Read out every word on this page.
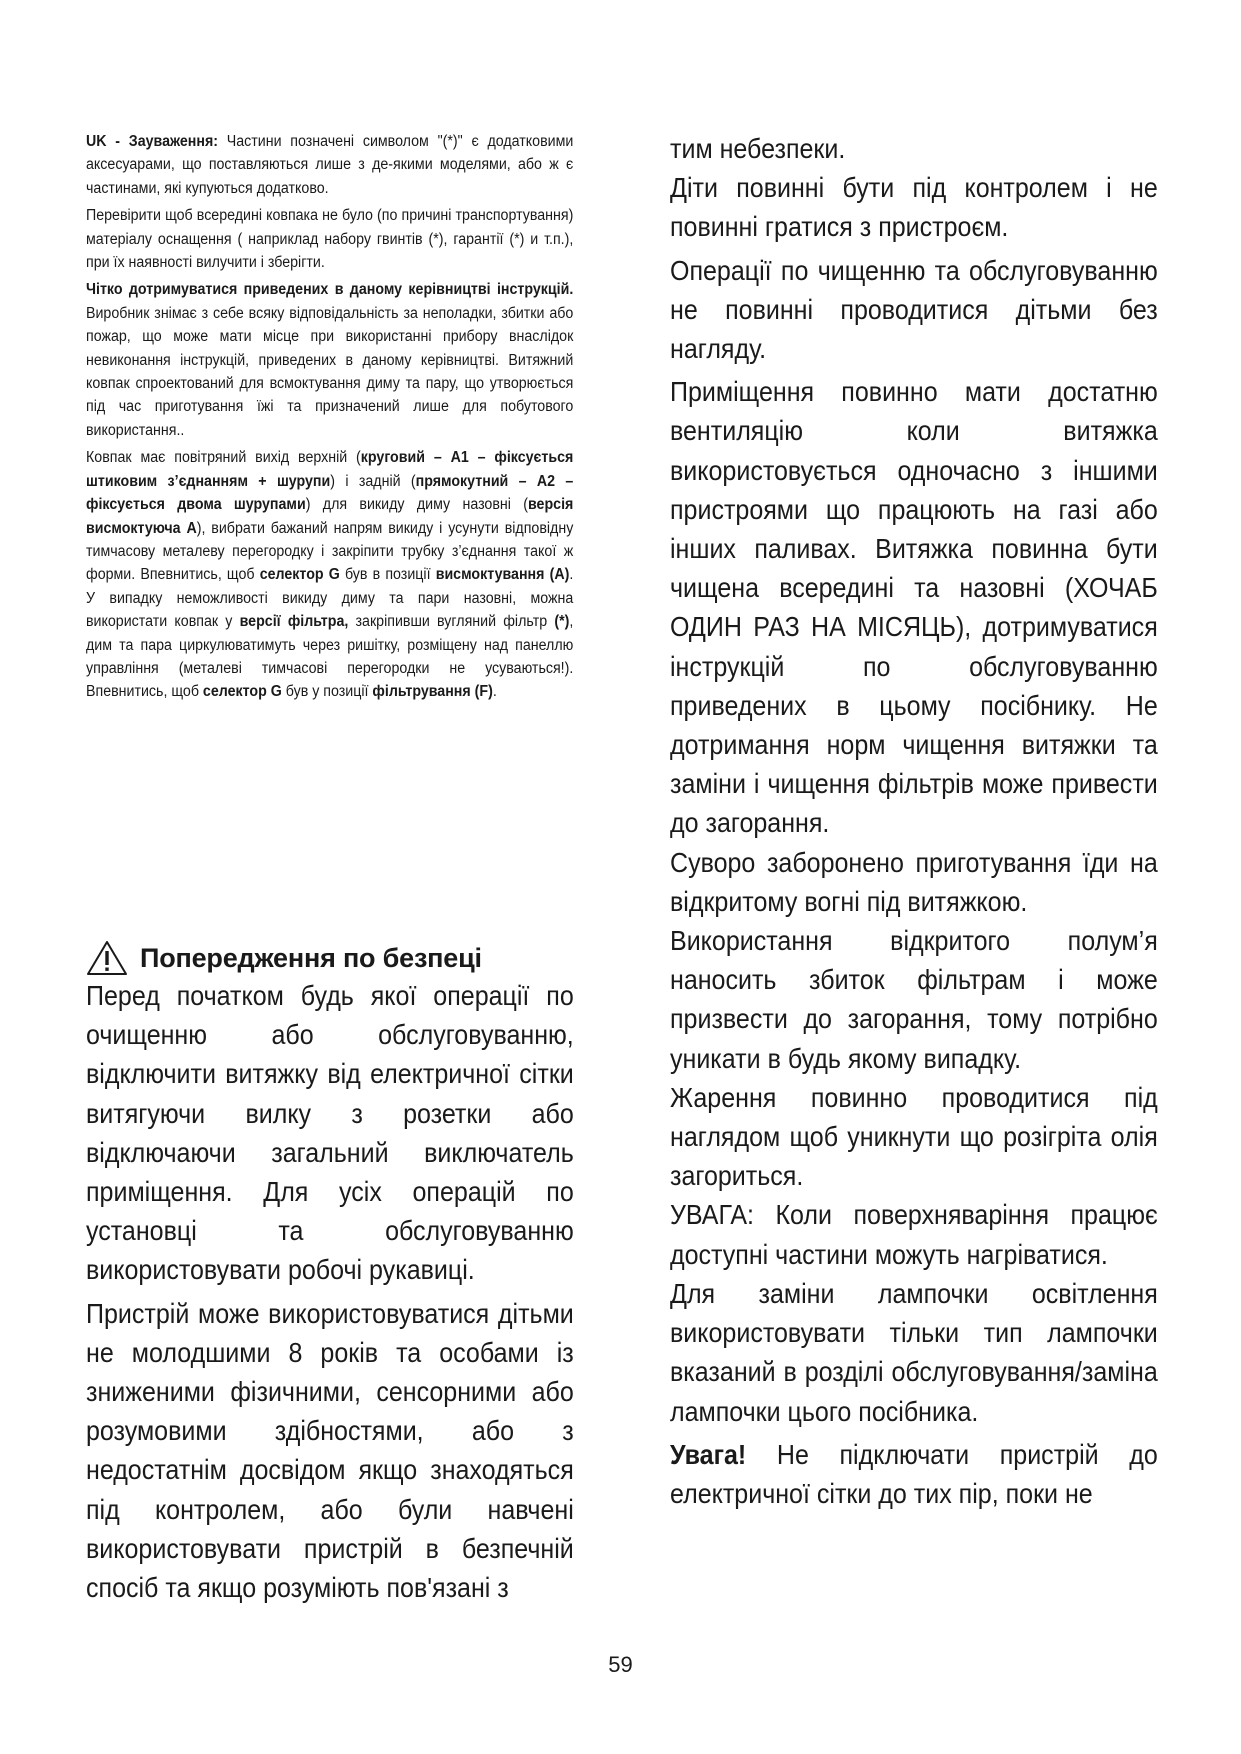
UK - Зауваження: Частини позначені символом "(*)" є додатковими аксесуарами, що поставляються лише з де-якими моделями, або ж є частинами, які купуються додатково.

Перевірити щоб всередині ковпака не було (по причині транспортування) матеріалу оснащення ( наприклад набору гвинтів (*), гарантії (*) и т.п.), при їх наявності вилучити і зберігти.

Чітко дотримуватися приведених в даному керівництві інструкцій. Виробник знімає з себе всяку відповідальність за неполадки, збитки або пожар, що може мати місце при використанні прибору внаслідок невиконання інструкцій, приведених в даному керівництві. Витяжний ковпак спроектований для всмоктування диму та пару, що утворюється під час приготування їжі та призначений лише для побутового використання..

Ковпак має повітряний вихід верхній (круговий – А1 – фіксується штиковим з’єднанням + шурупи) і задній (прямокутний – А2 – фіксується двома шурупами) для викиду диму назовні (версія висмоктуюча А), вибрати бажаний напрям викиду і усунути відповідну тимчасову металеву перегородку і закріпити трубку з’єднання такої ж форми. Впевнитись, щоб селектор G був в позиції висмоктування (А). У випадку неможливості викиду диму та пари назовні, можна використати ковпак у версії фільтра, закріпивши вугляний фільтр (*), дим та пара циркулюватимуть через ришітку, розміщену над панеллю управління (металеві тимчасові перегородки не усуваються!). Впевнитись, щоб селектор G був у позиції фільтрування (F).

Попередження по безпеці

Перед початком будь якої операції по очищенню або обслуговуванню, відключити витяжку від електричної сітки витягуючи вилку з розетки або відключаючи загальний виключатель приміщення. Для усіх операцій по установці та обслуговуванню використовувати робочі рукавиці.

Пристрій може використовуватися дітьми не молодшими 8 років та особами із зниженими фізичними, сенсорними або розумовими здібностями, або з недостатнім досвідом якщо знаходяться під контролем, або були навчені використовувати пристрій в безпечній спосіб та якщо розуміють пов'язані з

тим небезпеки.

Діти повинні бути під контролем і не повинні гратися з пристроєм.

Операції по чищенню та обслуговуванню не повинні проводитися дітьми без нагляду.

Приміщення повинно мати достатню вентиляцію коли витяжка використовується одночасно з іншими пристроями що працюють на газі або інших паливах. Витяжка повинна бути чищена всередині та назовні (ХОЧАБ ОДИН РАЗ НА МІСЯЦЬ), дотримуватися інструкцій по обслуговуванню приведених в цьому посібнику. Не дотримання норм чищення витяжки та заміни і чищення фільтрів може привести до загорання.

Суворо заборонено приготування їди на відкритому вогні під витяжкою.

Використання відкритого полум’я наносить збиток фільтрам і може призвести до загорання, тому потрібно уникати в будь якому випадку.

Жарення повинно проводитися під наглядом щоб уникнути що розігріта олія загориться.

УВАГА: Коли поверхняваріння працює доступні частини можуть нагріватися.

Для заміни лампочки освітлення використовувати тільки тип лампочки вказаний в розділі обслуговування/заміна лампочки цього посібника.

Увага! Не підключати пристрій до електричної сітки до тих пір, поки не

59
